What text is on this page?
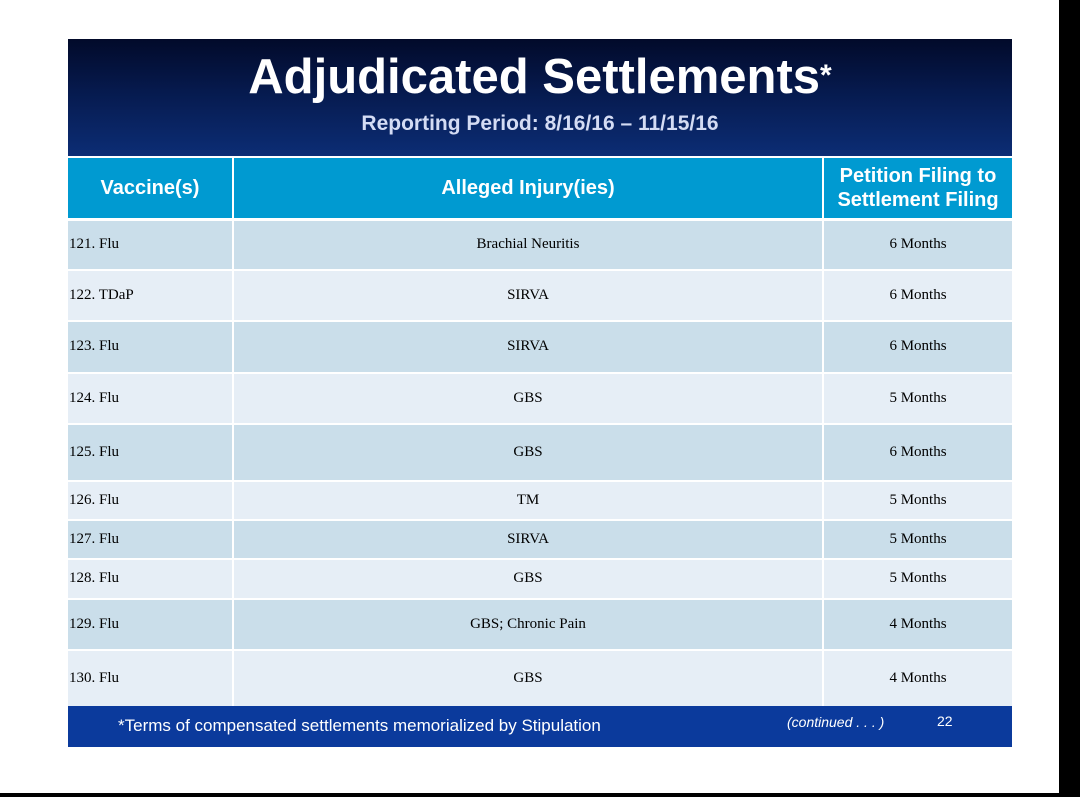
Adjudicated Settlements*
Reporting Period: 8/16/16 – 11/15/16
Vaccine(s)	Alleged Injury(ies)	Petition Filing to Settlement Filing
121. Flu	Brachial Neuritis	6 Months
122. TDaP	SIRVA	6 Months
123. Flu	SIRVA	6 Months
124. Flu	GBS	5 Months
125. Flu	GBS	6 Months
126. Flu	TM	5 Months
127. Flu	SIRVA	5 Months
128. Flu	GBS	5 Months
129. Flu	GBS; Chronic Pain	4 Months
130. Flu	GBS	4 Months
*Terms of compensated settlements memorialized by Stipulation	(continued . . . )	22
